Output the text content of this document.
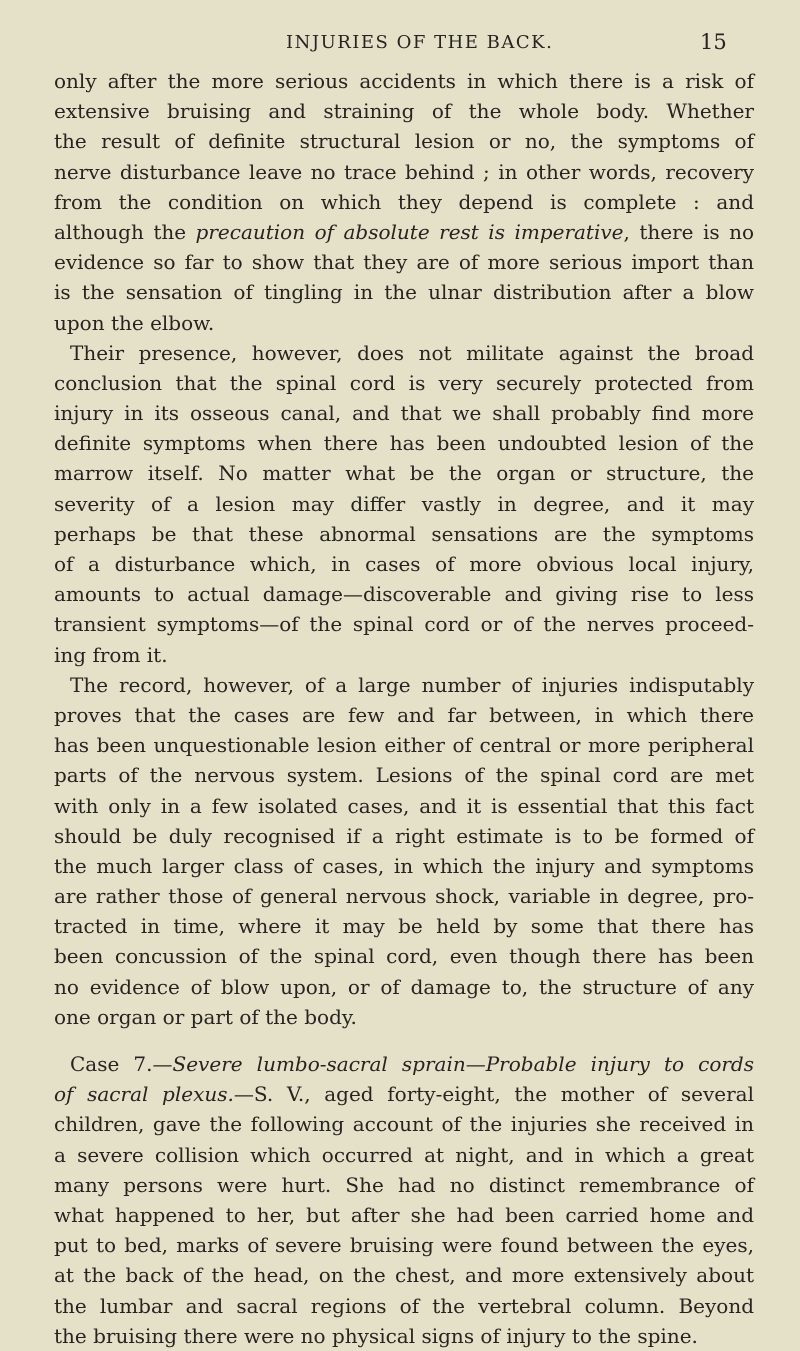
INJURIES OF THE BACK.	15
only after the more serious accidents in which there is a risk of
extensive bruising and straining of the whole body. Whether
the result of definite structural lesion or no, the symptoms of
nerve disturbance leave no trace behind ; in other words, recovery
from the condition on which they depend is complete : and
although the precaution of absolute rest is imperative, there is no
evidence so far to show that they are of more serious import than
is the sensation of tingling in the ulnar distribution after a blow
upon the elbow.
Their presence, however, does not militate against the broad
conclusion that the spinal cord is very securely protected from
injury in its osseous canal, and that we shall probably find more
definite symptoms when there has been undoubted lesion of the
marrow itself. No matter what be the organ or structure, the
severity of a lesion may differ vastly in degree, and it may
perhaps be that these abnormal sensations are the symptoms
of a disturbance which, in cases of more obvious local injury,
amounts to actual damage—discoverable and giving rise to less
transient symptoms—of the spinal cord or of the nerves proceed-
ing from it.
The record, however, of a large number of injuries indisputably
proves that the cases are few and far between, in which there
has been unquestionable lesion either of central or more peripheral
parts of the nervous system. Lesions of the spinal cord are met
with only in a few isolated cases, and it is essential that this fact
should be duly recognised if a right estimate is to be formed of
the much larger class of cases, in which the injury and symptoms
are rather those of general nervous shock, variable in degree, pro-
tracted in time, where it may be held by some that there has
been concussion of the spinal cord, even though there has been
no evidence of blow upon, or of damage to, the structure of any
one organ or part of the body.
Case 7.—Severe lumbo-sacral sprain—Probable injury to cords
of sacral plexus.—S. V., aged forty-eight, the mother of several
children, gave the following account of the injuries she received in
a severe collision which occurred at night, and in which a great
many persons were hurt. She had no distinct remembrance of
what happened to her, but after she had been carried home and
put to bed, marks of severe bruising were found between the eyes,
at the back of the head, on the chest, and more extensively about
the lumbar and sacral regions of the vertebral column. Beyond
the bruising there were no physical signs of injury to the spine.
